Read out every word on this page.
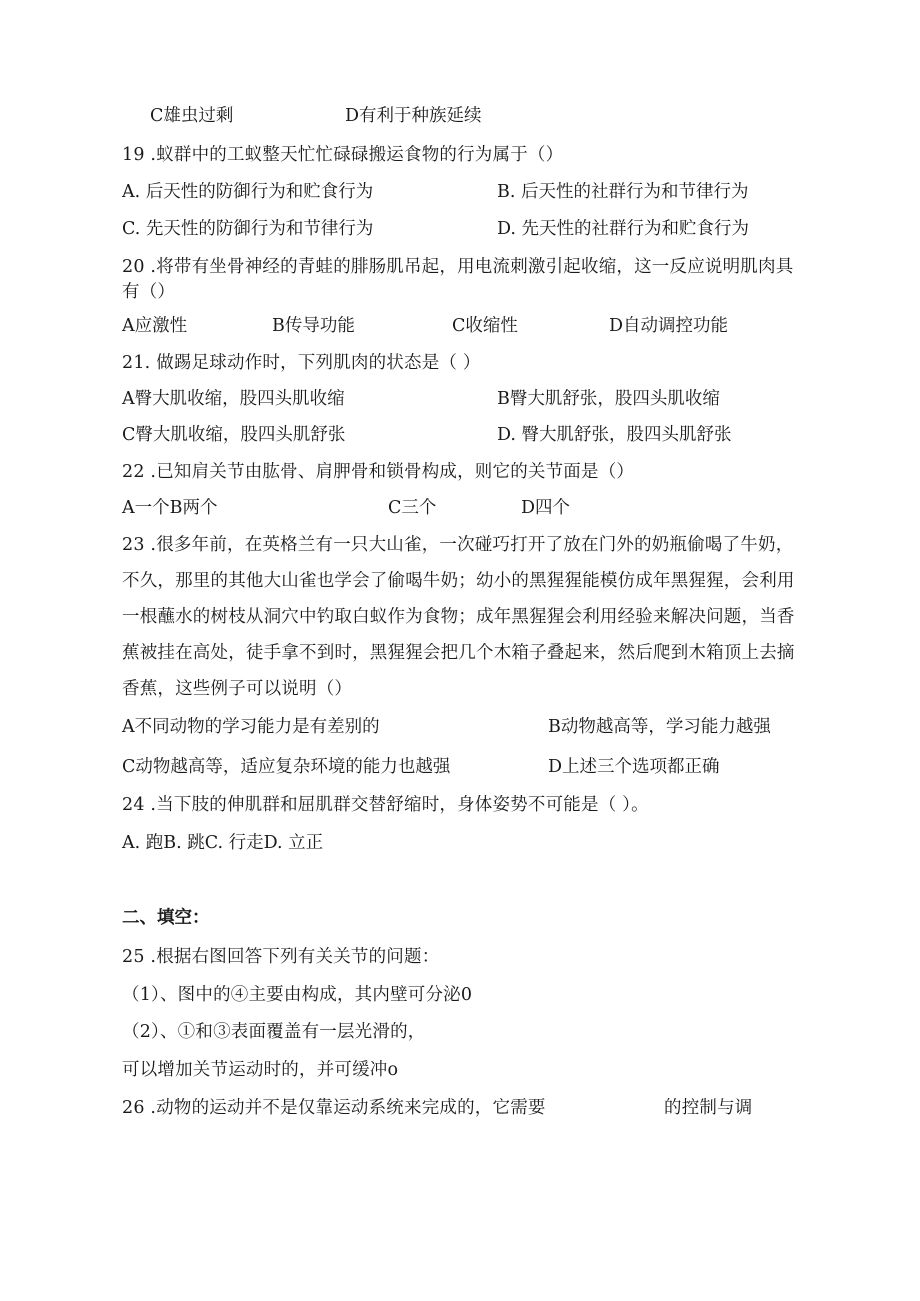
C雄虫过剩	D有利于种族延续
19 .蚁群中的工蚁整天忙忙碌碌搬运食物的行为属于（）
A. 后天性的防御行为和贮食行为	B. 后天性的社群行为和节律行为
C. 先天性的防御行为和节律行为	D. 先天性的社群行为和贮食行为
20 .将带有坐骨神经的青蛙的腓肠肌吊起，用电流刺激引起收缩，这一反应说明肌肉具
有（）
A应激性	B传导功能	C收缩性	D自动调控功能
21. 做踢足球动作时，下列肌肉的状态是（ ）
A臀大肌收缩，股四头肌收缩	B臀大肌舒张，股四头肌收缩
C臀大肌收缩，股四头肌舒张	D. 臀大肌舒张，股四头肌舒张
22 .已知肩关节由肱骨、肩胛骨和锁骨构成，则它的关节面是（）
A一个B两个	C三个	D四个
23 .很多年前，在英格兰有一只大山雀，一次碰巧打开了放在门外的奶瓶偷喝了牛奶，
不久，那里的其他大山雀也学会了偷喝牛奶；幼小的黑猩猩能模仿成年黑猩猩，会利用
一根蘸水的树枝从洞穴中钓取白蚁作为食物；成年黑猩猩会利用经验来解决问题，当香
蕉被挂在高处，徒手拿不到时，黑猩猩会把几个木箱子叠起来，然后爬到木箱顶上去摘
香蕉，这些例子可以说明（）
A不同动物的学习能力是有差别的	B动物越高等，学习能力越强
C动物越高等，适应复杂环境的能力也越强	D上述三个选项都正确
24 .当下肢的伸肌群和屈肌群交替舒缩时，身体姿势不可能是（ ）。
A. 跑B. 跳C. 行走D. 立正
二、填空：
25 .根据右图回答下列有关关节的问题：
（1）、图中的④主要由构成，其内壁可分泌0
（2）、①和③表面覆盖有一层光滑的，
可以增加关节运动时的，并可缓冲o
26 .动物的运动并不是仅靠运动系统来完成的，它需要	的控制与调
